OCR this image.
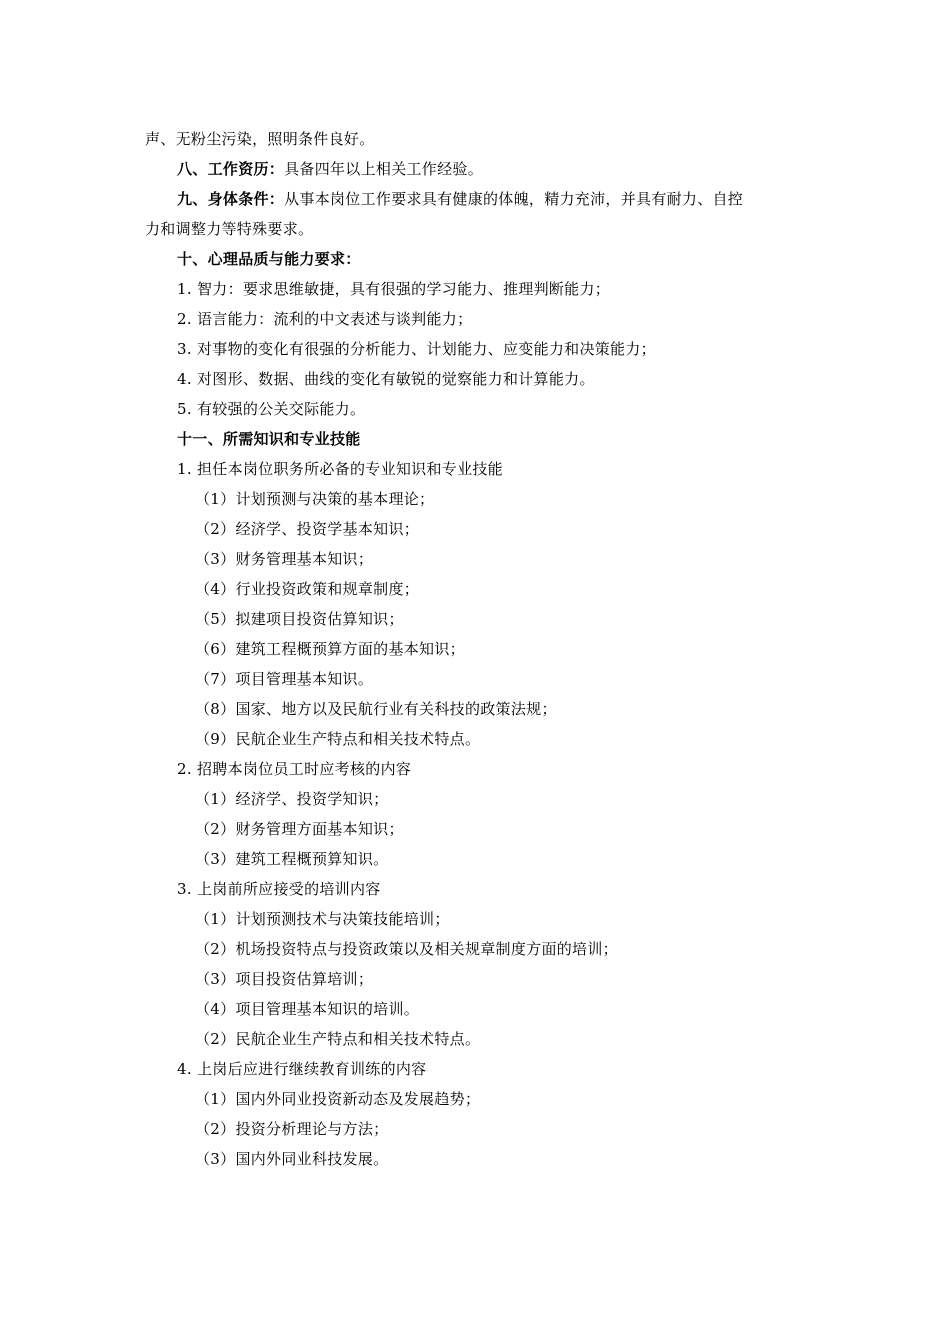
声、无粉尘污染，照明条件良好。
八、工作资历：具备四年以上相关工作经验。
九、身体条件：从事本岗位工作要求具有健康的体魄，精力充沛，并具有耐力、自控
力和调整力等特殊要求。
十、心理品质与能力要求：
1. 智力：要求思维敏捷，具有很强的学习能力、推理判断能力；
2. 语言能力：流利的中文表述与谈判能力；
3. 对事物的变化有很强的分析能力、计划能力、应变能力和决策能力；
4. 对图形、数据、曲线的变化有敏锐的觉察能力和计算能力。
5. 有较强的公关交际能力。
十一、所需知识和专业技能
1. 担任本岗位职务所必备的专业知识和专业技能
（1）计划预测与决策的基本理论；
（2）经济学、投资学基本知识；
（3）财务管理基本知识；
（4）行业投资政策和规章制度；
（5）拟建项目投资估算知识；
（6）建筑工程概预算方面的基本知识；
（7）项目管理基本知识。
（8）国家、地方以及民航行业有关科技的政策法规；
（9）民航企业生产特点和相关技术特点。
2. 招聘本岗位员工时应考核的内容
（1）经济学、投资学知识；
（2）财务管理方面基本知识；
（3）建筑工程概预算知识。
3. 上岗前所应接受的培训内容
（1）计划预测技术与决策技能培训；
（2）机场投资特点与投资政策以及相关规章制度方面的培训；
（3）项目投资估算培训；
（4）项目管理基本知识的培训。
（2）民航企业生产特点和相关技术特点。
4. 上岗后应进行继续教育训练的内容
（1）国内外同业投资新动态及发展趋势；
（2）投资分析理论与方法；
（3）国内外同业科技发展。
